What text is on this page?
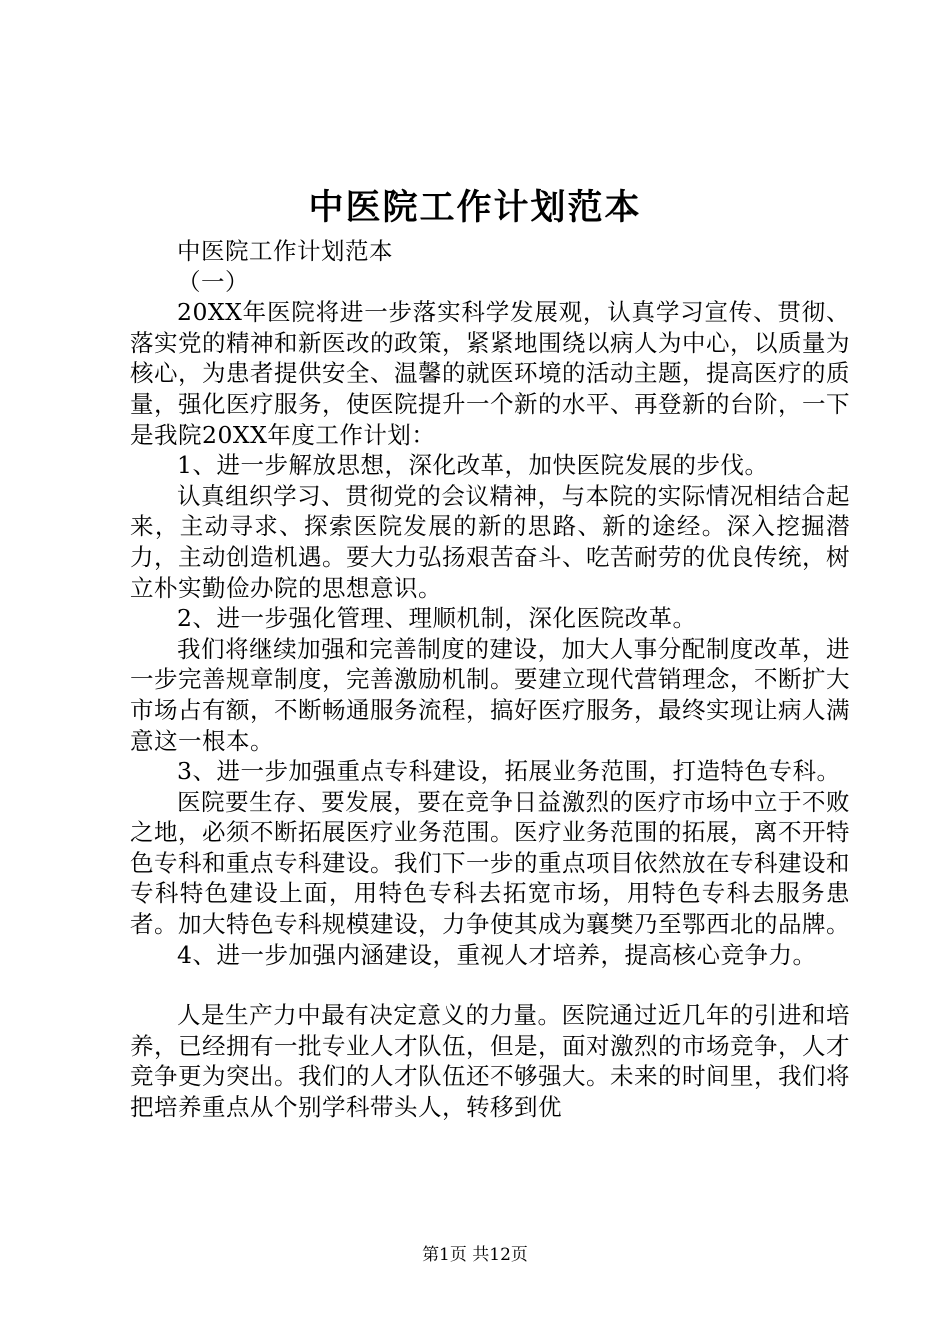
中医院工作计划范本

中医院工作计划范本

（一）

20XX年医院将进一步落实科学发展观，认真学习宣传、贯彻、落实党的精神和新医改的政策，紧紧地围绕以病人为中心，以质量为核心，为患者提供安全、温馨的就医环境的活动主题，提高医疗的质量，强化医疗服务，使医院提升一个新的水平、再登新的台阶，一下是我院20XX年度工作计划：

1、进一步解放思想，深化改革，加快医院发展的步伐。

认真组织学习、贯彻党的会议精神，与本院的实际情况相结合起来，主动寻求、探索医院发展的新的思路、新的途经。深入挖掘潜力，主动创造机遇。要大力弘扬艰苦奋斗、吃苦耐劳的优良传统，树立朴实勤俭办院的思想意识。

2、进一步强化管理、理顺机制，深化医院改革。

我们将继续加强和完善制度的建设，加大人事分配制度改革，进一步完善规章制度，完善激励机制。要建立现代营销理念，不断扩大市场占有额，不断畅通服务流程，搞好医疗服务，最终实现让病人满意这一根本。

3、进一步加强重点专科建设，拓展业务范围，打造特色专科。

医院要生存、要发展，要在竞争日益激烈的医疗市场中立于不败之地，必须不断拓展医疗业务范围。医疗业务范围的拓展，离不开特色专科和重点专科建设。我们下一步的重点项目依然放在专科建设和专科特色建设上面，用特色专科去拓宽市场，用特色专科去服务患者。加大特色专科规模建设，力争使其成为襄樊乃至鄂西北的品牌。

4、进一步加强内涵建设，重视人才培养，提高核心竞争力。

人是生产力中最有决定意义的力量。医院通过近几年的引进和培养，已经拥有一批专业人才队伍，但是，面对激烈的市场竞争，人才竞争更为突出。我们的人才队伍还不够强大。未来的时间里，我们将把培养重点从个别学科带头人，转移到优

第1页 共12页
